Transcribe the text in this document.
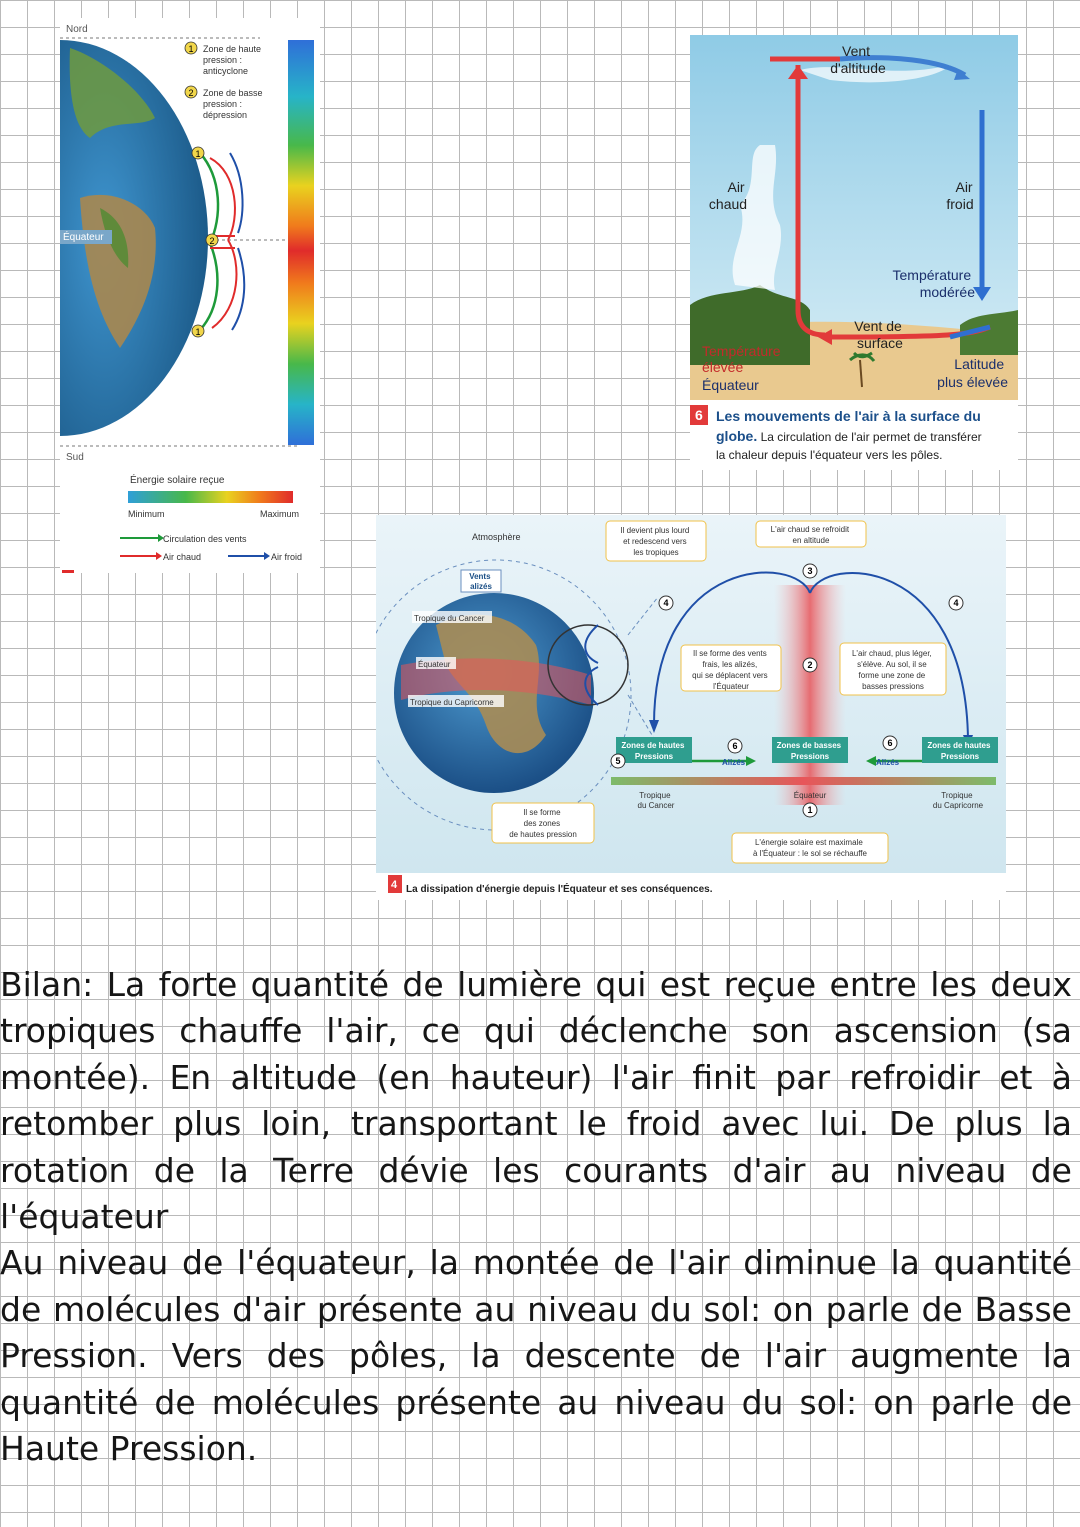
Nord
Sud
Équateur
1
2
1
1 Zone de haute pression : anticyclone
2 Zone de basse pression : dépression
Énergie solaire reçue
Minimum	Maximum
Circulation des vents
Air chaud	Air froid
Vent d'altitude
Air chaud
Air froid
Température modérée
Vent de surface
Température élevée
Équateur
Latitude plus élevée
6 Les mouvements de l'air à la surface du
globe. La circulation de l'air permet de transférer la chaleur depuis l'équateur vers les pôles.
Atmosphère
Vents alizés
Tropique du Cancer
Équateur
Tropique du Capricorne
Il devient plus lourd et redescend vers les tropiques
L'air chaud se refroidit en altitude
Il se forme des vents frais, les alizés, qui se déplacent vers l'Équateur
L'air chaud, plus léger, s'élève. Au sol, il se forme une zone de basses pressions
Zones de hautes Pressions
Zones de basses Pressions
Zones de hautes Pressions
Alizés	Alizés
4
3
2
4
5
6	6
1
Tropique du Cancer
Équateur	Tropique du Capricorne
Il se forme des zones de hautes pression
L'énergie solaire est maximale à l'Équateur : le sol se réchauffe
4 La dissipation d'énergie depuis l'Équateur et ses conséquences.

Bilan: La forte quantité de lumière qui est reçue entre les deux tropiques chauffe l'air, ce qui déclenche son ascension (sa montée). En altitude (en hauteur) l'air finit par refroidir et à retomber plus loin, transportant le froid avec lui. De plus la rotation de la Terre dévie les courants d'air au niveau de l'équateur

Au niveau de l'équateur, la montée de l'air diminue la quantité de molécules d'air présente au niveau du sol: on parle de Basse Pression. Vers des pôles, la descente de l'air augmente la quantité de molécules présente au niveau du sol: on parle de Haute Pression.
